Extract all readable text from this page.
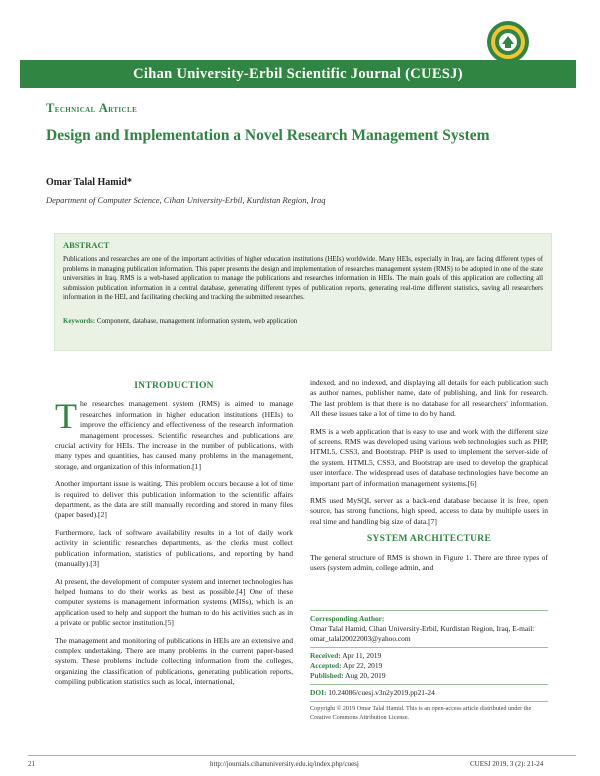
Cihan University-Erbil Scientific Journal (CUESJ)
Technical Article
Design and Implementation a Novel Research Management System
Omar Talal Hamid*
Department of Computer Science, Cihan University-Erbil, Kurdistan Region, Iraq
ABSTRACT

Publications and researches are one of the important activities of higher education institutions (HEIs) worldwide. Many HEIs, especially in Iraq, are facing different types of problems in managing publication information. This paper presents the design and implementation of researches management system (RMS) to be adopted in one of the state universities in Iraq. RMS is a web-based application to manage the publications and researches information in HEIs. The main goals of this application are collecting all submission publication information in a central database, generating different types of publication reports, generating real-time different statistics, saving all researchers information in the HEI, and facilitating checking and tracking the submitted researches.

Keywords: Component, database, management information system, web application

INTRODUCTION

The researches management system (RMS) is aimed to manage researches information in higher education institutions (HEIs) to improve the efficiency and effectiveness of the research information management processes. Scientific researches and publications are crucial activity for HEIs. The increase in the number of publications, with many types and quantities, has caused many problems in the management, storage, and organization of this information.[1]

Another important issue is waiting. This problem occurs because a lot of time is required to deliver this publication information to the scientific affairs department, as the data are still manually recording and stored in many files (paper based).[2]

Furthermore, lack of software availability results in a lot of daily work activity in scientific researches departments, as the clerks must collect publication information, statistics of publications, and reporting by hand (manually).[3]

At present, the development of computer system and internet technologies has helped humans to do their works as best as possible.[4] One of these computer systems is management information systems (MISs), which is an application used to help and support the human to do his activities such as in a private or public sector institution.[5]

The management and monitoring of publications in HEIs are an extensive and complex undertaking. There are many problems in the current paper-based system. These problems include collecting information from the colleges, organizing the classification of publications, generating publication reports, compiling publication statistics such as local, international,

indexed, and no indexed, and displaying all details for each publication such as author names, publisher name, date of publishing, and link for research. The last problem is that there is no database for all researchers' information. All these issues take a lot of time to do by hand.

RMS is a web application that is easy to use and work with the different size of screens. RMS was developed using various web technologies such as PHP, HTML5, CSS3, and Bootstrap. PHP is used to implement the server-side of the system. HTML5, CSS3, and Bootstrap are used to develop the graphical user interface. The widespread uses of database technologies have become an important part of information management systems.[6]

RMS used MySQL server as a back-end database because it is free, open source, has strong functions, high speed, access to data by multiple users in real time and handling big size of data.[7]

SYSTEM ARCHITECTURE

The general structure of RMS is shown in Figure 1. There are three types of users (system admin, college admin, and

Corresponding Author:
Omar Talal Hamid, Cihan University-Erbil, Kurdistan Region, Iraq, E-mail: omar_talal20022003@yahoo.com
Received: Apr 11, 2019
Accepted: Apr 22, 2019
Published: Aug 20, 2019
DOI: 10.24086/cuesj.v3n2y2019.pp21-24
Copyright © 2019 Omar Talal Hamid. This is an open-access article distributed under the Creative Commons Attribution License.
21	http://journals.cihanuniversity.edu.iq/index.php/cuesj	CUESJ 2019, 3 (2): 21-24
